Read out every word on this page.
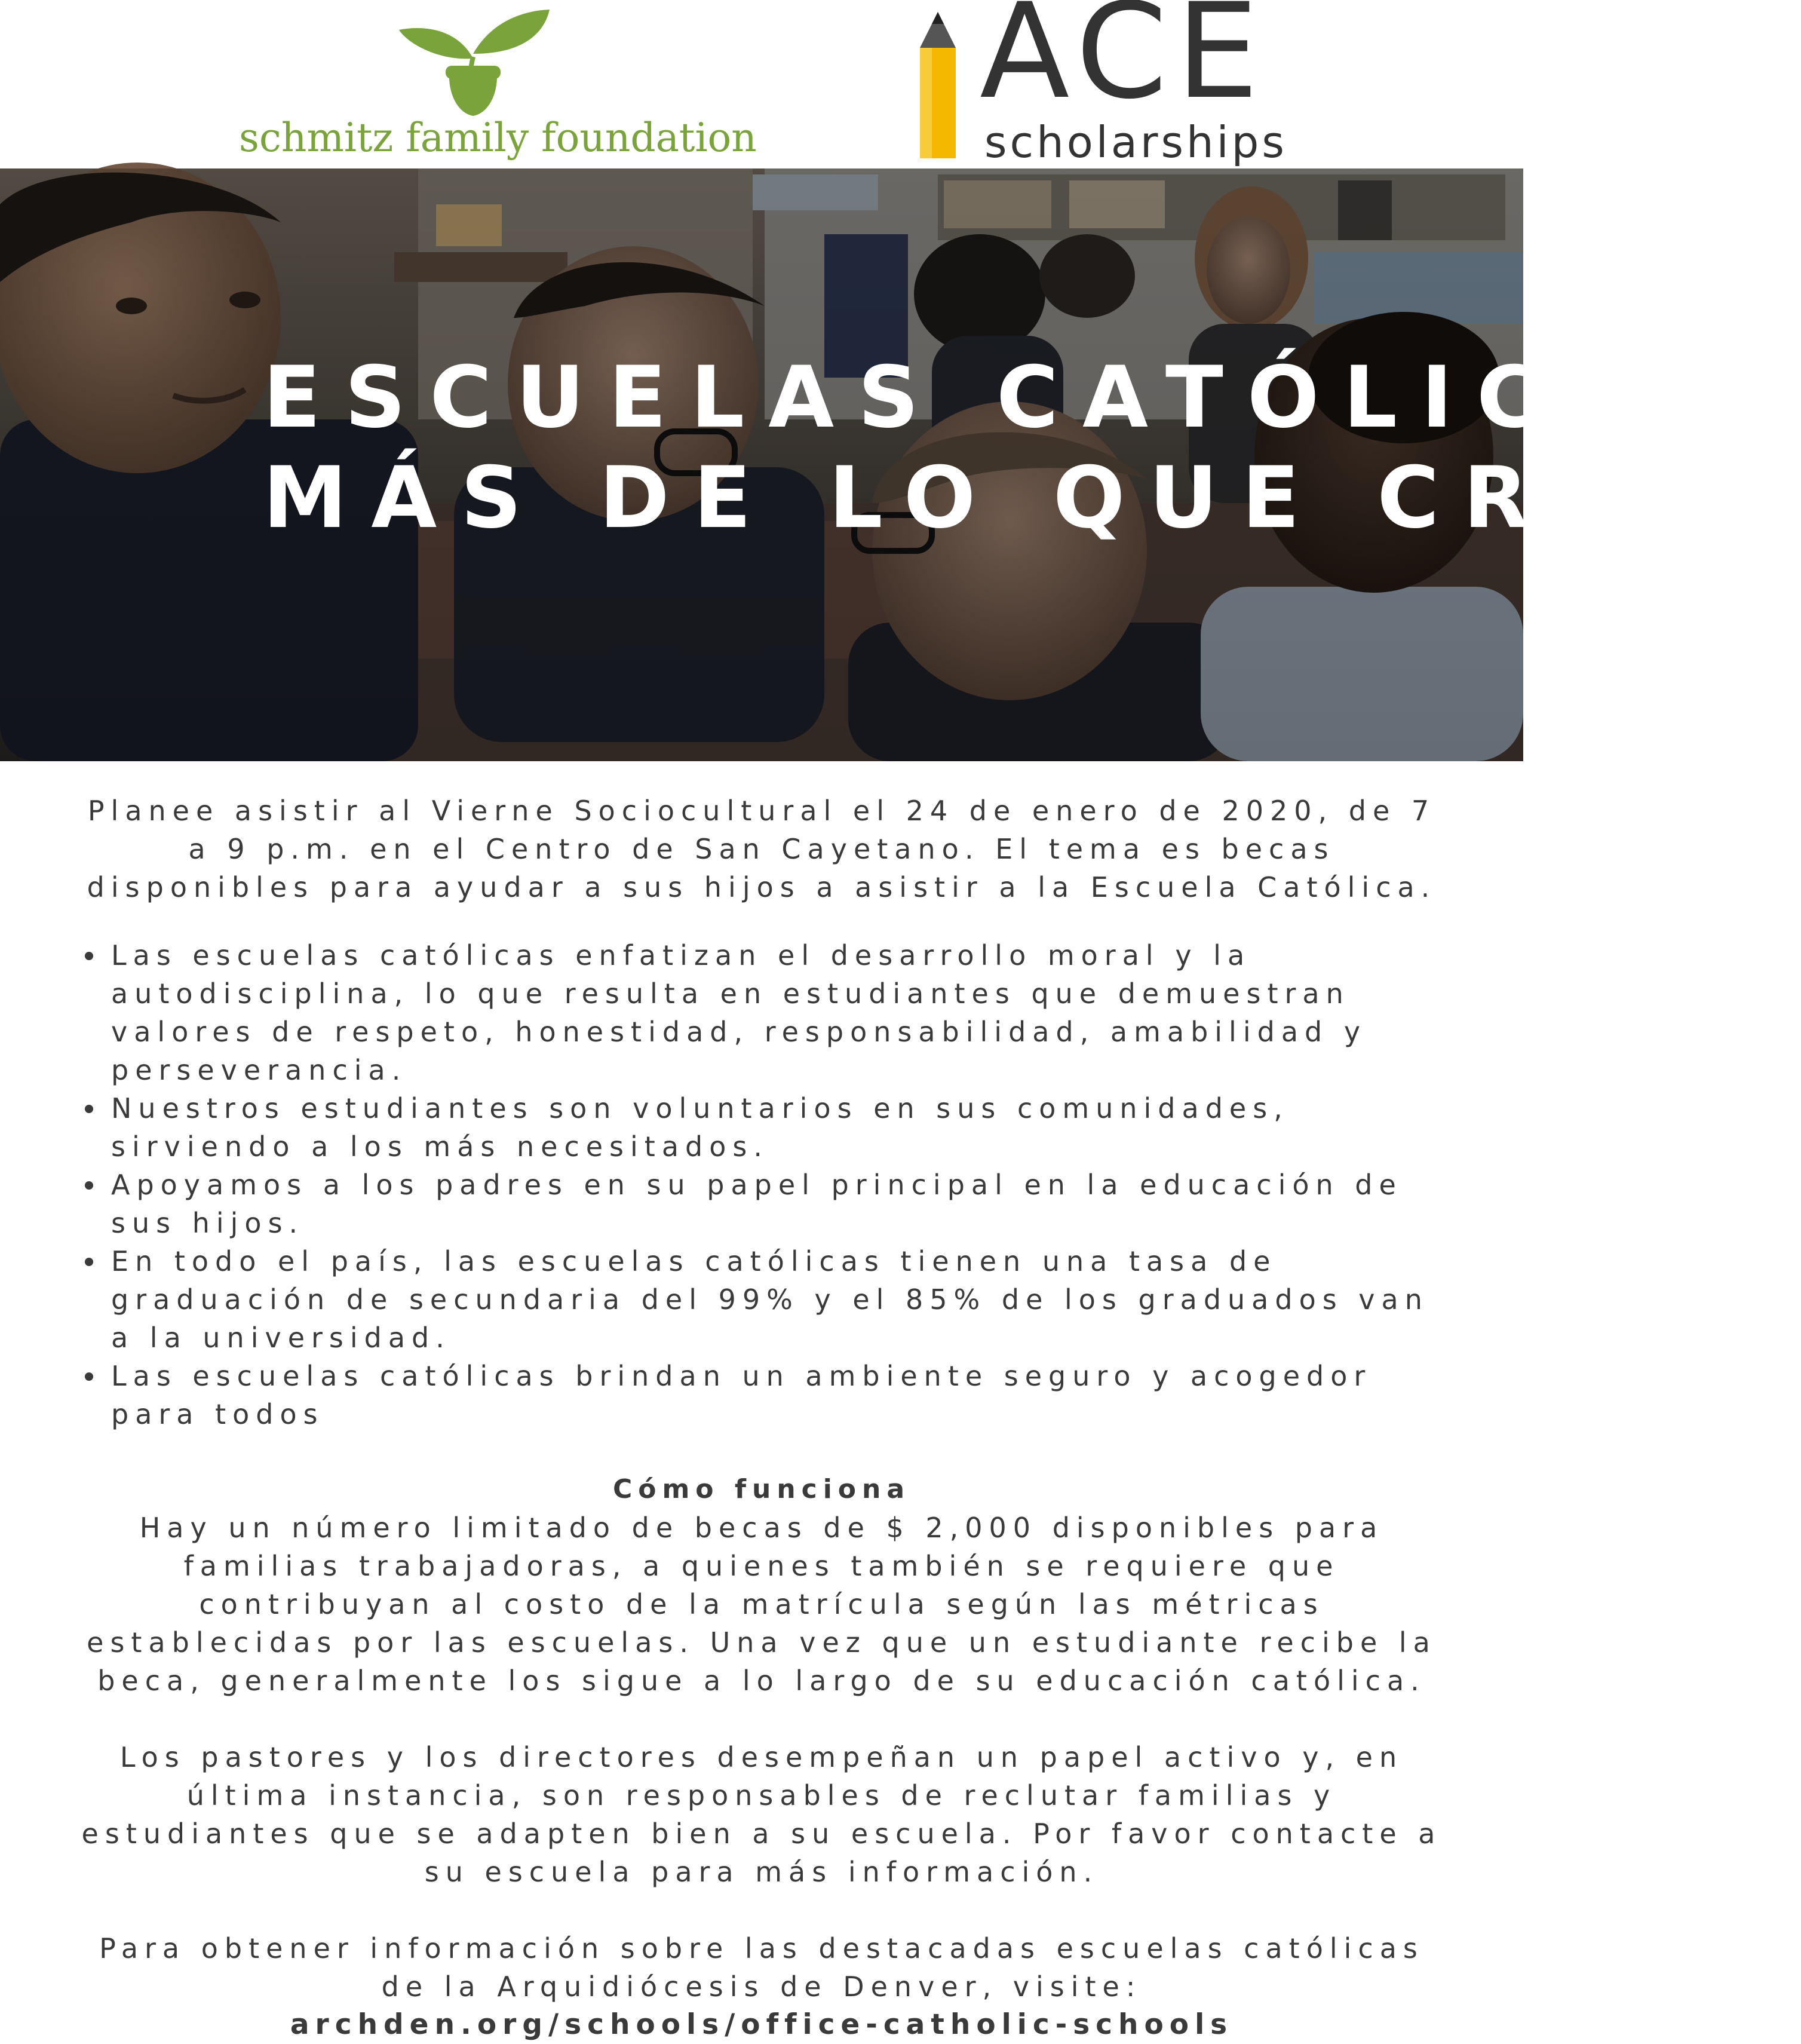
schmitz family foundation
ACE
scholarships
ESCUELAS CATÓLICAS:
MÁS DE LO QUE CREES

Planee asistir al Vierne Sociocultural el 24 de enero de 2020, de 7 a 9 p.m. en el Centro de San Cayetano. El tema es becas disponibles para ayudar a sus hijos a asistir a la Escuela Católica.

Las escuelas católicas enfatizan el desarrollo moral y la autodisciplina, lo que resulta en estudiantes que demuestran valores de respeto, honestidad, responsabilidad, amabilidad y perseverancia.
Nuestros estudiantes son voluntarios en sus comunidades, sirviendo a los más necesitados.
Apoyamos a los padres en su papel principal en la educación de sus hijos.
En todo el país, las escuelas católicas tienen una tasa de graduación de secundaria del 99% y el 85% de los graduados van a la universidad.
Las escuelas católicas brindan un ambiente seguro y acogedor para todos

Cómo funciona

Hay un número limitado de becas de $ 2,000 disponibles para familias trabajadoras, a quienes también se requiere que contribuyan al costo de la matrícula según las métricas establecidas por las escuelas. Una vez que un estudiante recibe la beca, generalmente los sigue a lo largo de su educación católica.

Los pastores y los directores desempeñan un papel activo y, en última instancia, son responsables de reclutar familias y estudiantes que se adapten bien a su escuela. Por favor contacte a su escuela para más información.

Para obtener información sobre las destacadas escuelas católicas de la Arquidiócesis de Denver, visite:

archden.org/schools/office-catholic-schools
